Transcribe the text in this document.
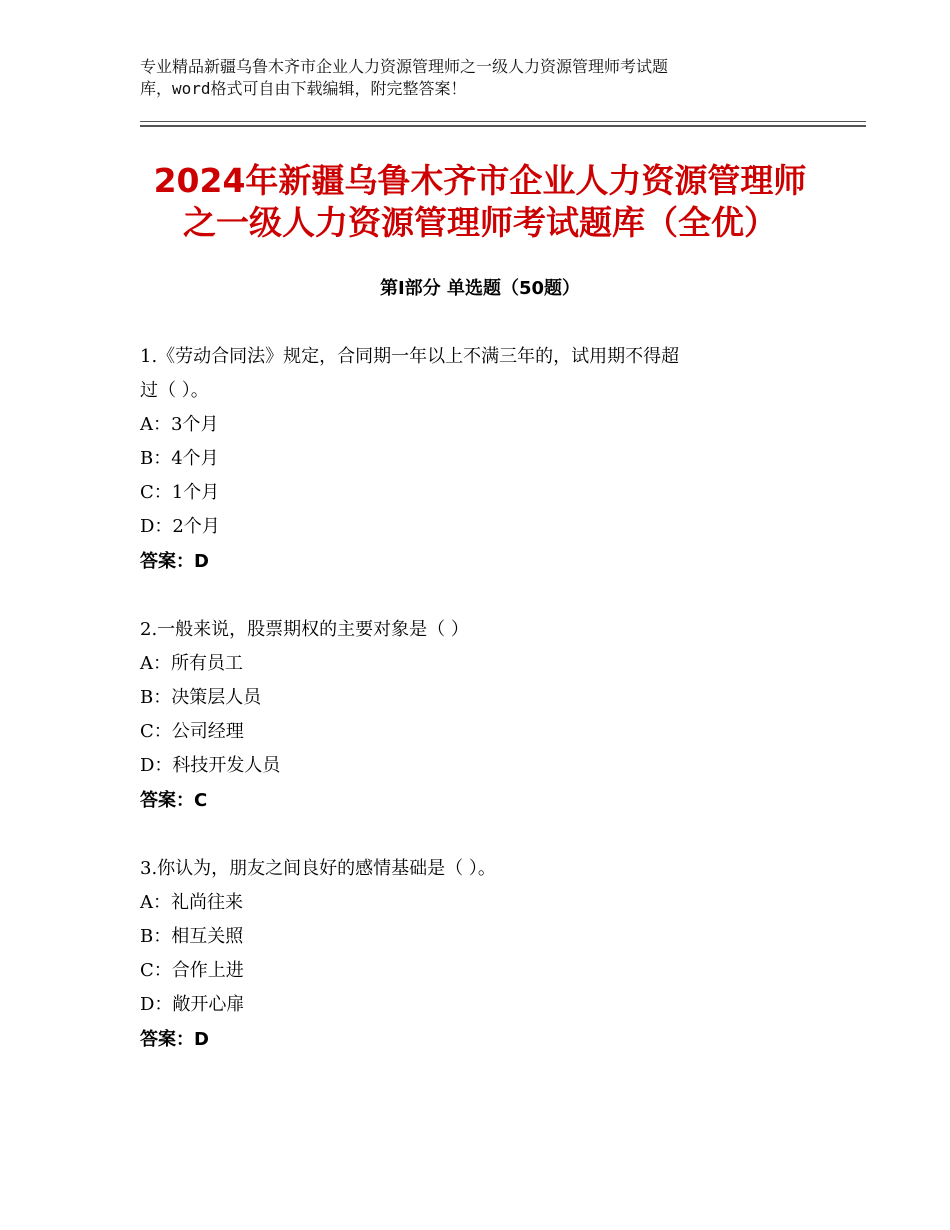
专业精品新疆乌鲁木齐市企业人力资源管理师之一级人力资源管理师考试题
库，word格式可自由下载编辑，附完整答案！
2024年新疆乌鲁木齐市企业人力资源管理师
之一级人力资源管理师考试题库（全优）
第Ⅰ部分 单选题（50题）
1.《劳动合同法》规定，合同期一年以上不满三年的，试用期不得超
过（ ）。
A：3个月
B：4个月
C：1个月
D：2个月
答案：D
2.一般来说，股票期权的主要对象是（ ）
A：所有员工
B：决策层人员
C：公司经理
D：科技开发人员
答案：C
3.你认为，朋友之间良好的感情基础是（ ）。
A：礼尚往来
B：相互关照
C：合作上进
D：敞开心扉
答案：D
